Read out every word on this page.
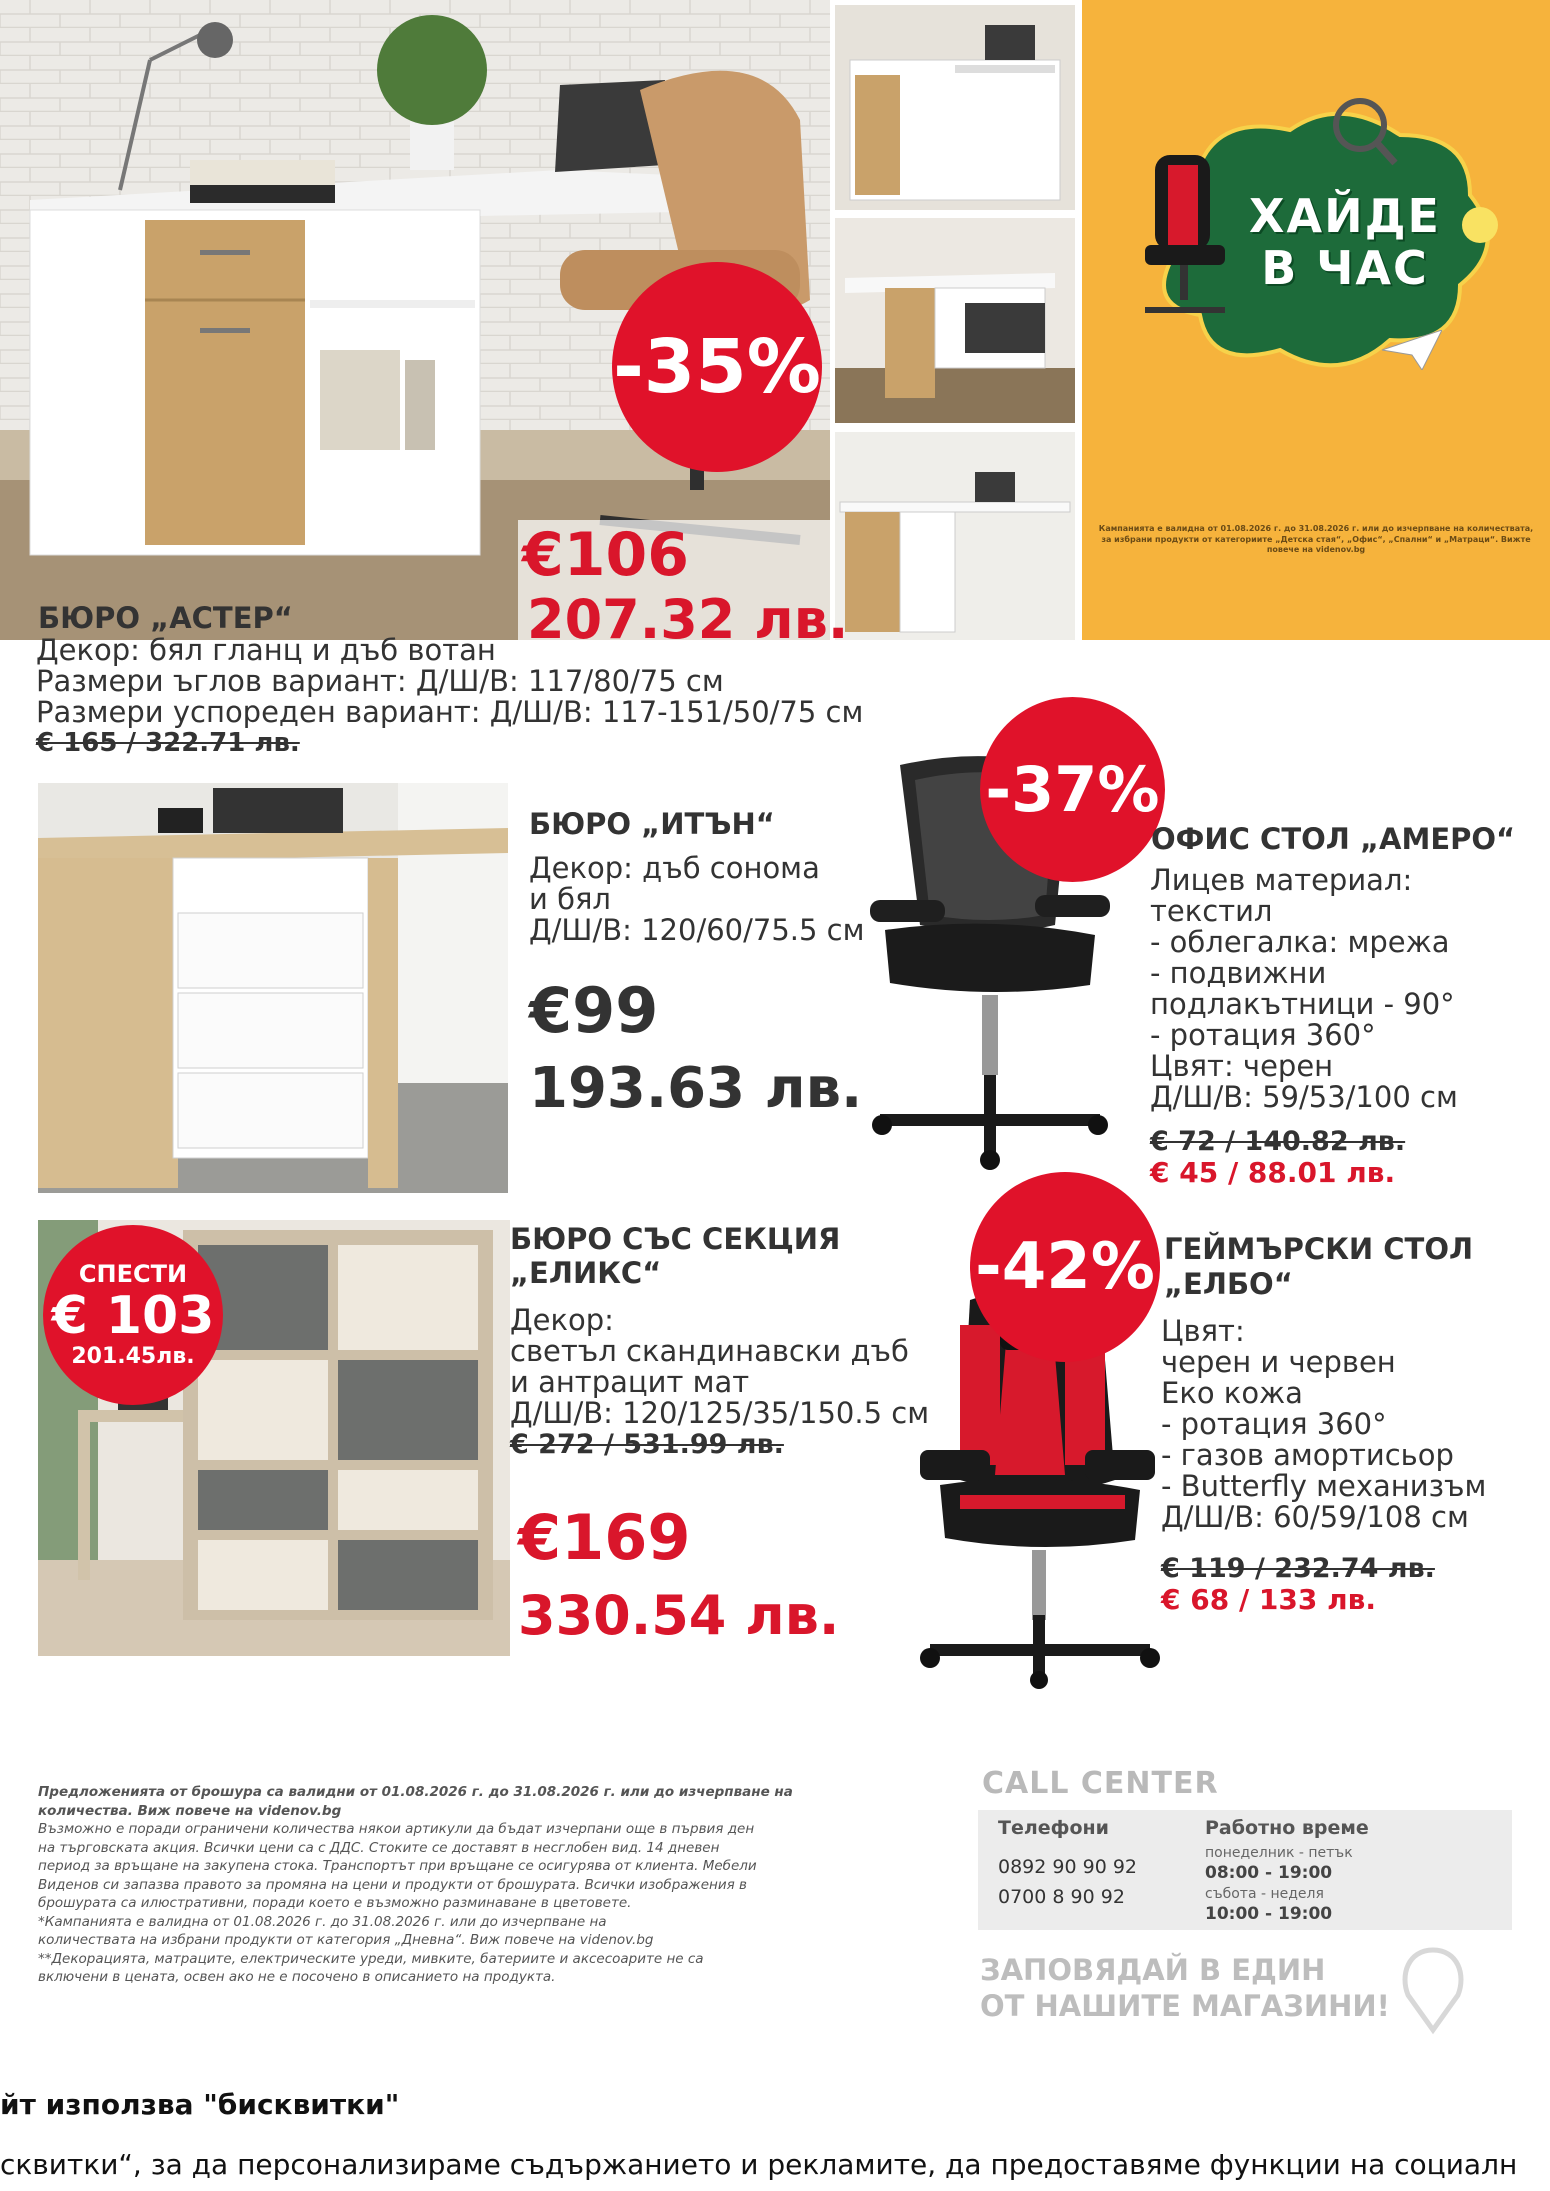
ХАЙДЕ
В ЧАС
Кампанията е валидна от 01.08.2026 г. до 31.08.2026 г. или до изчерпване на количествата, за избрани продукти от категориите „Детска стая“, „Офис“, „Спални“ и „Матраци“. Вижте повече на videnov.bg
-35%
€106
207.32 лв.
БЮРО „АСТЕР“
Декор: бял гланц и дъб вотан
Размери ъглов вариант: Д/Ш/В: 117/80/75 см
Размери успореден вариант: Д/Ш/В: 117-151/50/75 см
€ 165 / 322.71 лв.
БЮРО „ИТЪН“
Декор: дъб сонома
и бял
Д/Ш/В: 120/60/75.5 см
€99
193.63 лв.
-37%
ОФИС СТОЛ „АМЕРО“
Лицев материал:
текстил
- облегалка: мрежа
- подвижни
подлакътници - 90°
- ротация 360°
Цвят: черен
Д/Ш/В: 59/53/100 см
€ 72 / 140.82 лв.
€ 45 / 88.01 лв.
СПЕСТИ
€ 103
201.45лв.
БЮРО СЪС СЕКЦИЯ
„ЕЛИКС“
Декор:
светъл скандинавски дъб
и антрацит мат
Д/Ш/В: 120/125/35/150.5 см
€ 272 / 531.99 лв.
€169
330.54 лв.
-42% ГЕЙМЪРСКИ СТОЛ
„ЕЛБО“
Цвят:
черен и червен
Еко кожа
- ротация 360°
- газов амортисьор
- Butterfly механизъм
Д/Ш/В: 60/59/108 см
€ 119 / 232.74 лв.
€ 68 / 133 лв.
Предложенията от брошура са валидни от 01.08.2026 г. до 31.08.2026 г. или до изчерпване на
количества. Виж повече на videnov.bg
Възможно е поради ограничени количества някои артикули да бъдат изчерпани още в първия ден
на търговската акция. Всички цени са с ДДС. Стоките се доставят в несглобен вид. 14 дневен
период за връщане на закупена стока. Транспортът при връщане се осигурява от клиента. Мебели
Виденов си запазва правото за промяна на цени и продукти от брошурата. Всички изображения в
брошурата са илюстративни, поради което е възможно разминаване в цветовете.
*Кампанията е валидна от 01.08.2026 г. до 31.08.2026 г. или до изчерпване на
количествата на избрани продукти от категория „Дневна“. Виж повече на videnov.bg
**Декорацията, матраците, електрическите уреди, мивките, батериите и аксесоарите не са
включени в цената, освен ако не е посочено в описанието на продукта.
CALL CENTER
Телефони
0892 90 90 92
0700 8 90 92
Работно време
понеделник - петък
08:00 - 19:00
събота - неделя
10:00 - 19:00
ЗАПОВЯДАЙ В ЕДИН
ОТ НАШИТЕ МАГАЗИНИ!
йт използва "бисквитки"
сквитки“, за да персонализираме съдържанието и рекламите, да предоставяме функции на социалн
